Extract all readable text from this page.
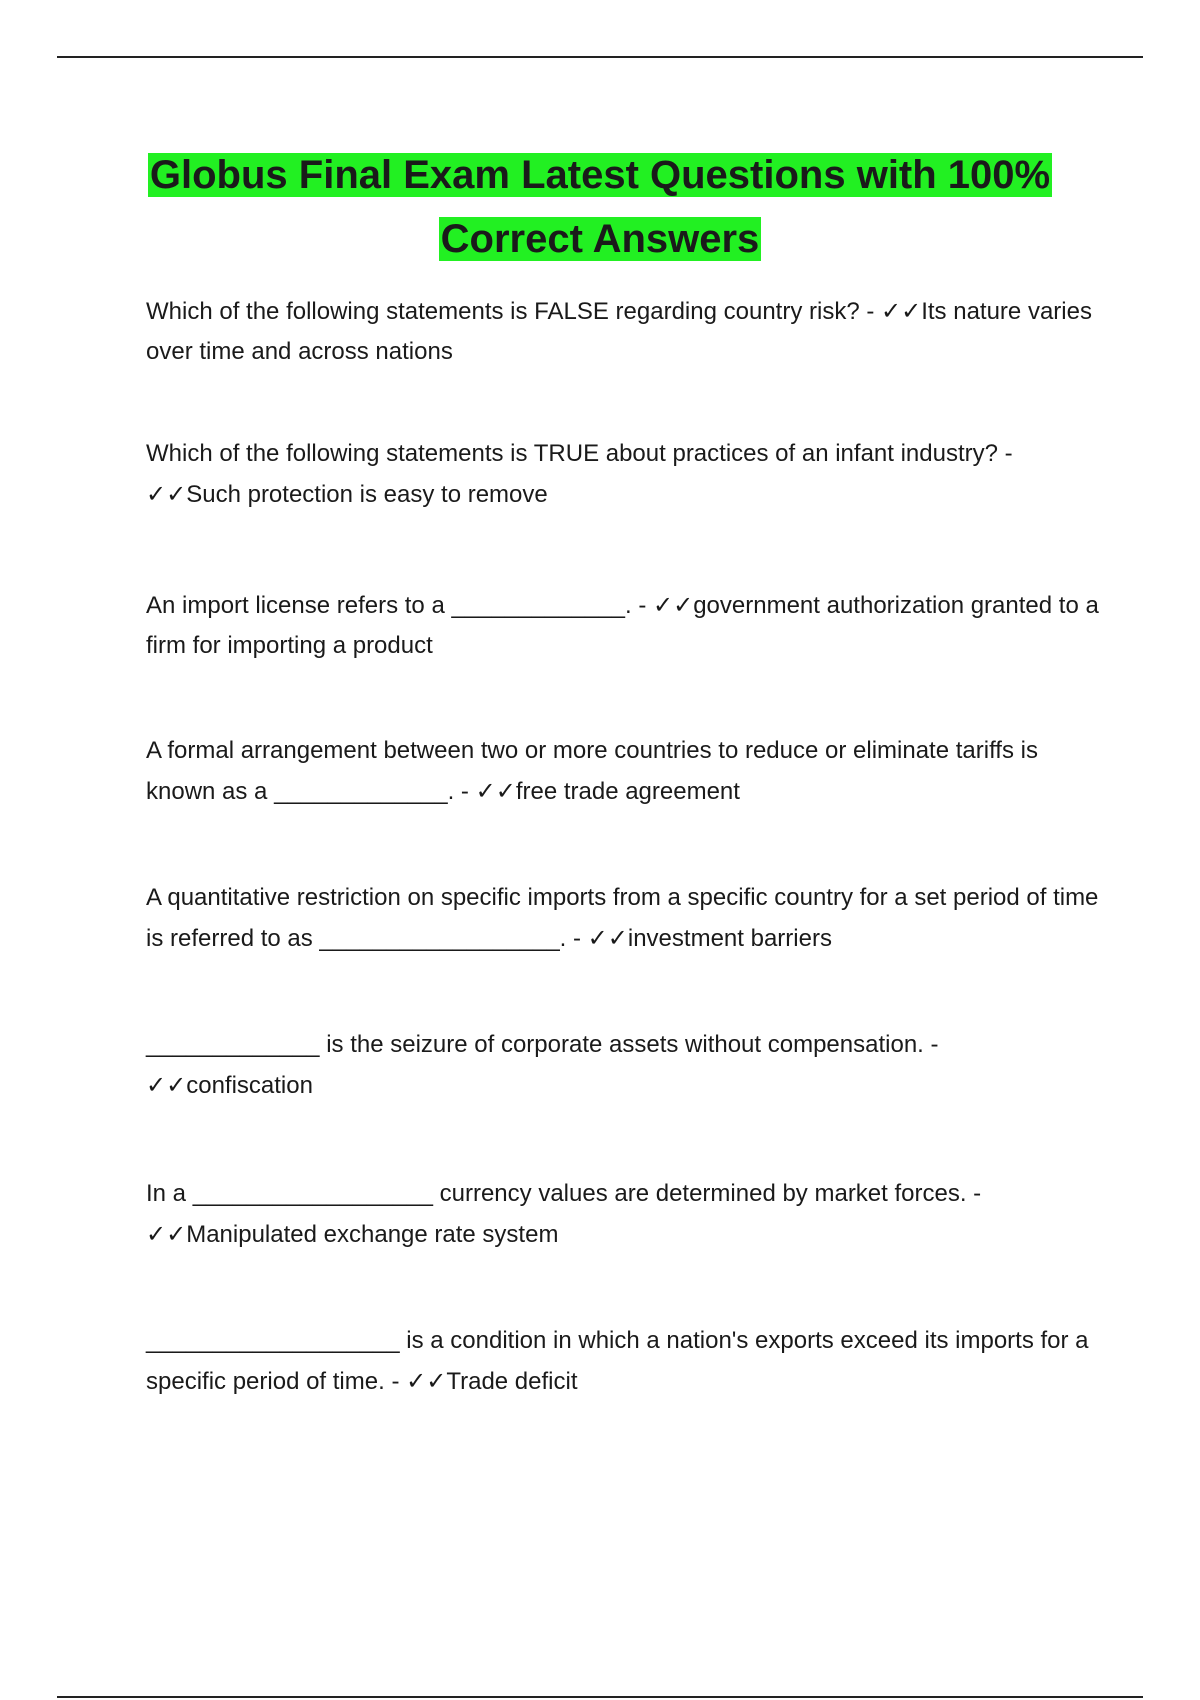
Globus Final Exam Latest Questions with 100% Correct Answers

Which of the following statements is FALSE regarding country risk? - ✓✓Its nature varies over time and across nations

Which of the following statements is TRUE about practices of an infant industry? - ✓✓Such protection is easy to remove

An import license refers to a _____________. - ✓✓government authorization granted to a firm for importing a product

A formal arrangement between two or more countries to reduce or eliminate tariffs is known as a _____________. - ✓✓free trade agreement

A quantitative restriction on specific imports from a specific country for a set period of time is referred to as __________________. - ✓✓investment barriers

_____________ is the seizure of corporate assets without compensation. - ✓✓confiscation

In a __________________ currency values are determined by market forces. - ✓✓Manipulated exchange rate system

___________________ is a condition in which a nation's exports exceed its imports for a specific period of time. - ✓✓Trade deficit
